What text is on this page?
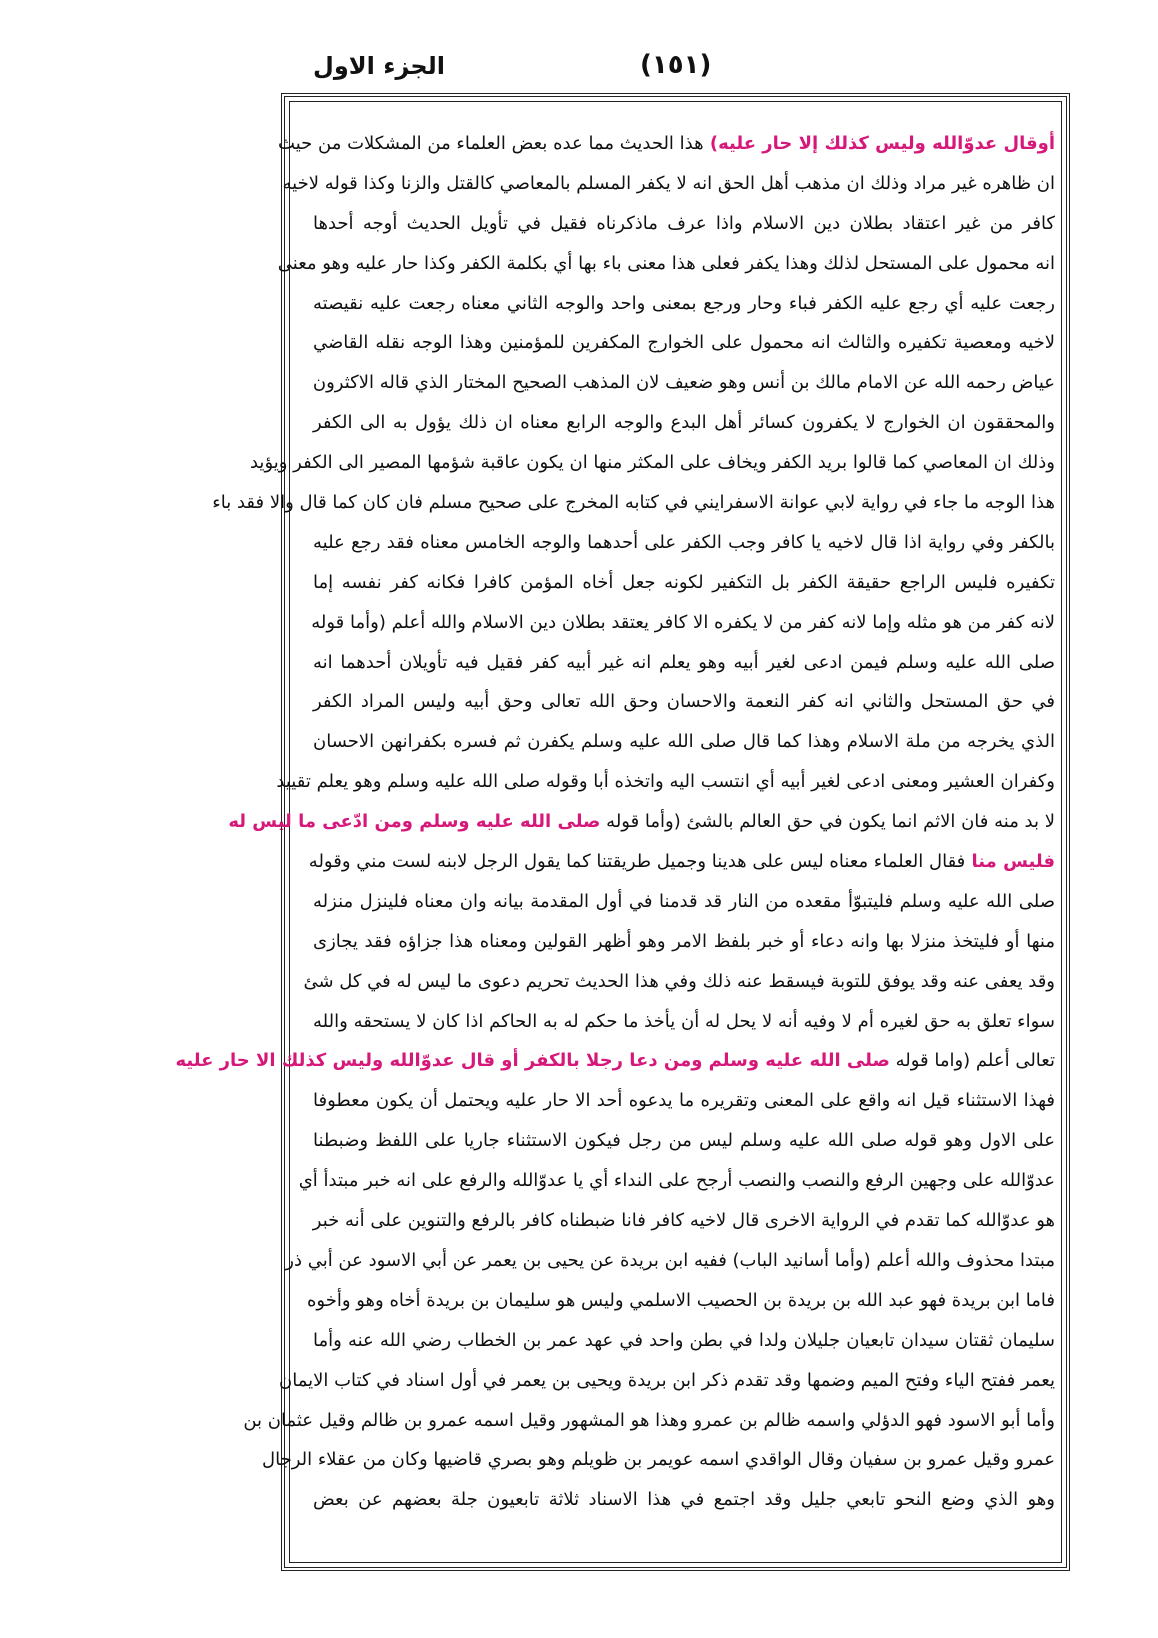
الجزء الاول	(١٥١)
أوقال عدوّالله وليس كذلك إلا حار عليه) هذا الحديث مما عده بعض العلماء من المشكلات من حيث
ان ظاهره غير مراد وذلك ان مذهب أهل الحق انه لا يكفر المسلم بالمعاصي كالقتل والزنا وكذا قوله لاخيه
كافر من غير اعتقاد بطلان دين الاسلام واذا عرف ماذكرناه فقيل في تأويل الحديث أوجه أحدها
انه محمول على المستحل لذلك وهذا يكفر فعلى هذا معنى باء بها أي بكلمة الكفر وكذا حار عليه وهو معنى
رجعت عليه أي رجع عليه الكفر فباء وحار ورجع بمعنى واحد والوجه الثاني معناه رجعت عليه نقيصته
لاخيه ومعصية تكفيره والثالث انه محمول على الخوارج المكفرين للمؤمنين وهذا الوجه نقله القاضي
عياض رحمه الله عن الامام مالك بن أنس وهو ضعيف لان المذهب الصحيح المختار الذي قاله الاكثرون
والمحققون ان الخوارج لا يكفرون كسائر أهل البدع والوجه الرابع معناه ان ذلك يؤول به الى الكفر
وذلك ان المعاصي كما قالوا بريد الكفر ويخاف على المكثر منها ان يكون عاقبة شؤمها المصير الى الكفر ويؤيد
هذا الوجه ما جاء في رواية لابي عوانة الاسفرايني في كتابه المخرج على صحيح مسلم فان كان كما قال والا فقد باء
بالكفر وفي رواية اذا قال لاخيه يا كافر وجب الكفر على أحدهما والوجه الخامس معناه فقد رجع عليه
تكفيره فليس الراجع حقيقة الكفر بل التكفير لكونه جعل أخاه المؤمن كافرا فكانه كفر نفسه إما
لانه كفر من هو مثله وإما لانه كفر من لا يكفره الا كافر يعتقد بطلان دين الاسلام والله أعلم (وأما قوله
صلى الله عليه وسلم فيمن ادعى لغير أبيه وهو يعلم انه غير أبيه كفر فقيل فيه تأويلان أحدهما انه
في حق المستحل والثاني انه كفر النعمة والاحسان وحق الله تعالى وحق أبيه وليس المراد الكفر
الذي يخرجه من ملة الاسلام وهذا كما قال صلى الله عليه وسلم يكفرن ثم فسره بكفرانهن الاحسان
وكفران العشير ومعنى ادعى لغير أبيه أي انتسب اليه واتخذه أبا وقوله صلى الله عليه وسلم وهو يعلم تقييد
لا بد منه فان الاثم انما يكون في حق العالم بالشئ (وأما قوله صلى الله عليه وسلم ومن ادّعى ما ليس له
فليس منا فقال العلماء معناه ليس على هدينا وجميل طريقتنا كما يقول الرجل لابنه لست مني وقوله
صلى الله عليه وسلم فليتبوّأ مقعده من النار قد قدمنا في أول المقدمة بيانه وان معناه فلينزل منزله
منها أو فليتخذ منزلا بها وانه دعاء أو خبر بلفظ الامر وهو أظهر القولين ومعناه هذا جزاؤه فقد يجازى
وقد يعفى عنه وقد يوفق للتوبة فيسقط عنه ذلك وفي هذا الحديث تحريم دعوى ما ليس له في كل شئ
سواء تعلق به حق لغيره أم لا وفيه أنه لا يحل له أن يأخذ ما حكم له به الحاكم اذا كان لا يستحقه والله
تعالى أعلم (واما قوله صلى الله عليه وسلم ومن دعا رجلا بالكفر أو قال عدوّالله وليس كذلك الا حار عليه
فهذا الاستثناء قيل انه واقع على المعنى وتقريره ما يدعوه أحد الا حار عليه ويحتمل أن يكون معطوفا
على الاول وهو قوله صلى الله عليه وسلم ليس من رجل فيكون الاستثناء جاريا على اللفظ وضبطنا
عدوّالله على وجهين الرفع والنصب والنصب أرجح على النداء أي يا عدوّالله والرفع على انه خبر مبتدأ أي
هو عدوّالله كما تقدم في الرواية الاخرى قال لاخيه كافر فانا ضبطناه كافر بالرفع والتنوين على أنه خبر
مبتدا محذوف والله أعلم (وأما أسانيد الباب) ففيه ابن بريدة عن يحيى بن يعمر عن أبي الاسود عن أبي ذر
فاما ابن بريدة فهو عبد الله بن بريدة بن الحصيب الاسلمي وليس هو سليمان بن بريدة أخاه وهو وأخوه
سليمان ثقتان سيدان تابعيان جليلان ولدا في بطن واحد في عهد عمر بن الخطاب رضي الله عنه وأما
يعمر ففتح الياء وفتح الميم وضمها وقد تقدم ذكر ابن بريدة ويحيى بن يعمر في أول اسناد في كتاب الايمان
وأما أبو الاسود فهو الدؤلي واسمه ظالم بن عمرو وهذا هو المشهور وقيل اسمه عمرو بن ظالم وقيل عثمان بن
عمرو وقيل عمرو بن سفيان وقال الواقدي اسمه عويمر بن ظويلم وهو بصري قاضيها وكان من عقلاء الرجال
وهو الذي وضع النحو تابعي جليل وقد اجتمع في هذا الاسناد ثلاثة تابعيون جلة بعضهم عن بعض
